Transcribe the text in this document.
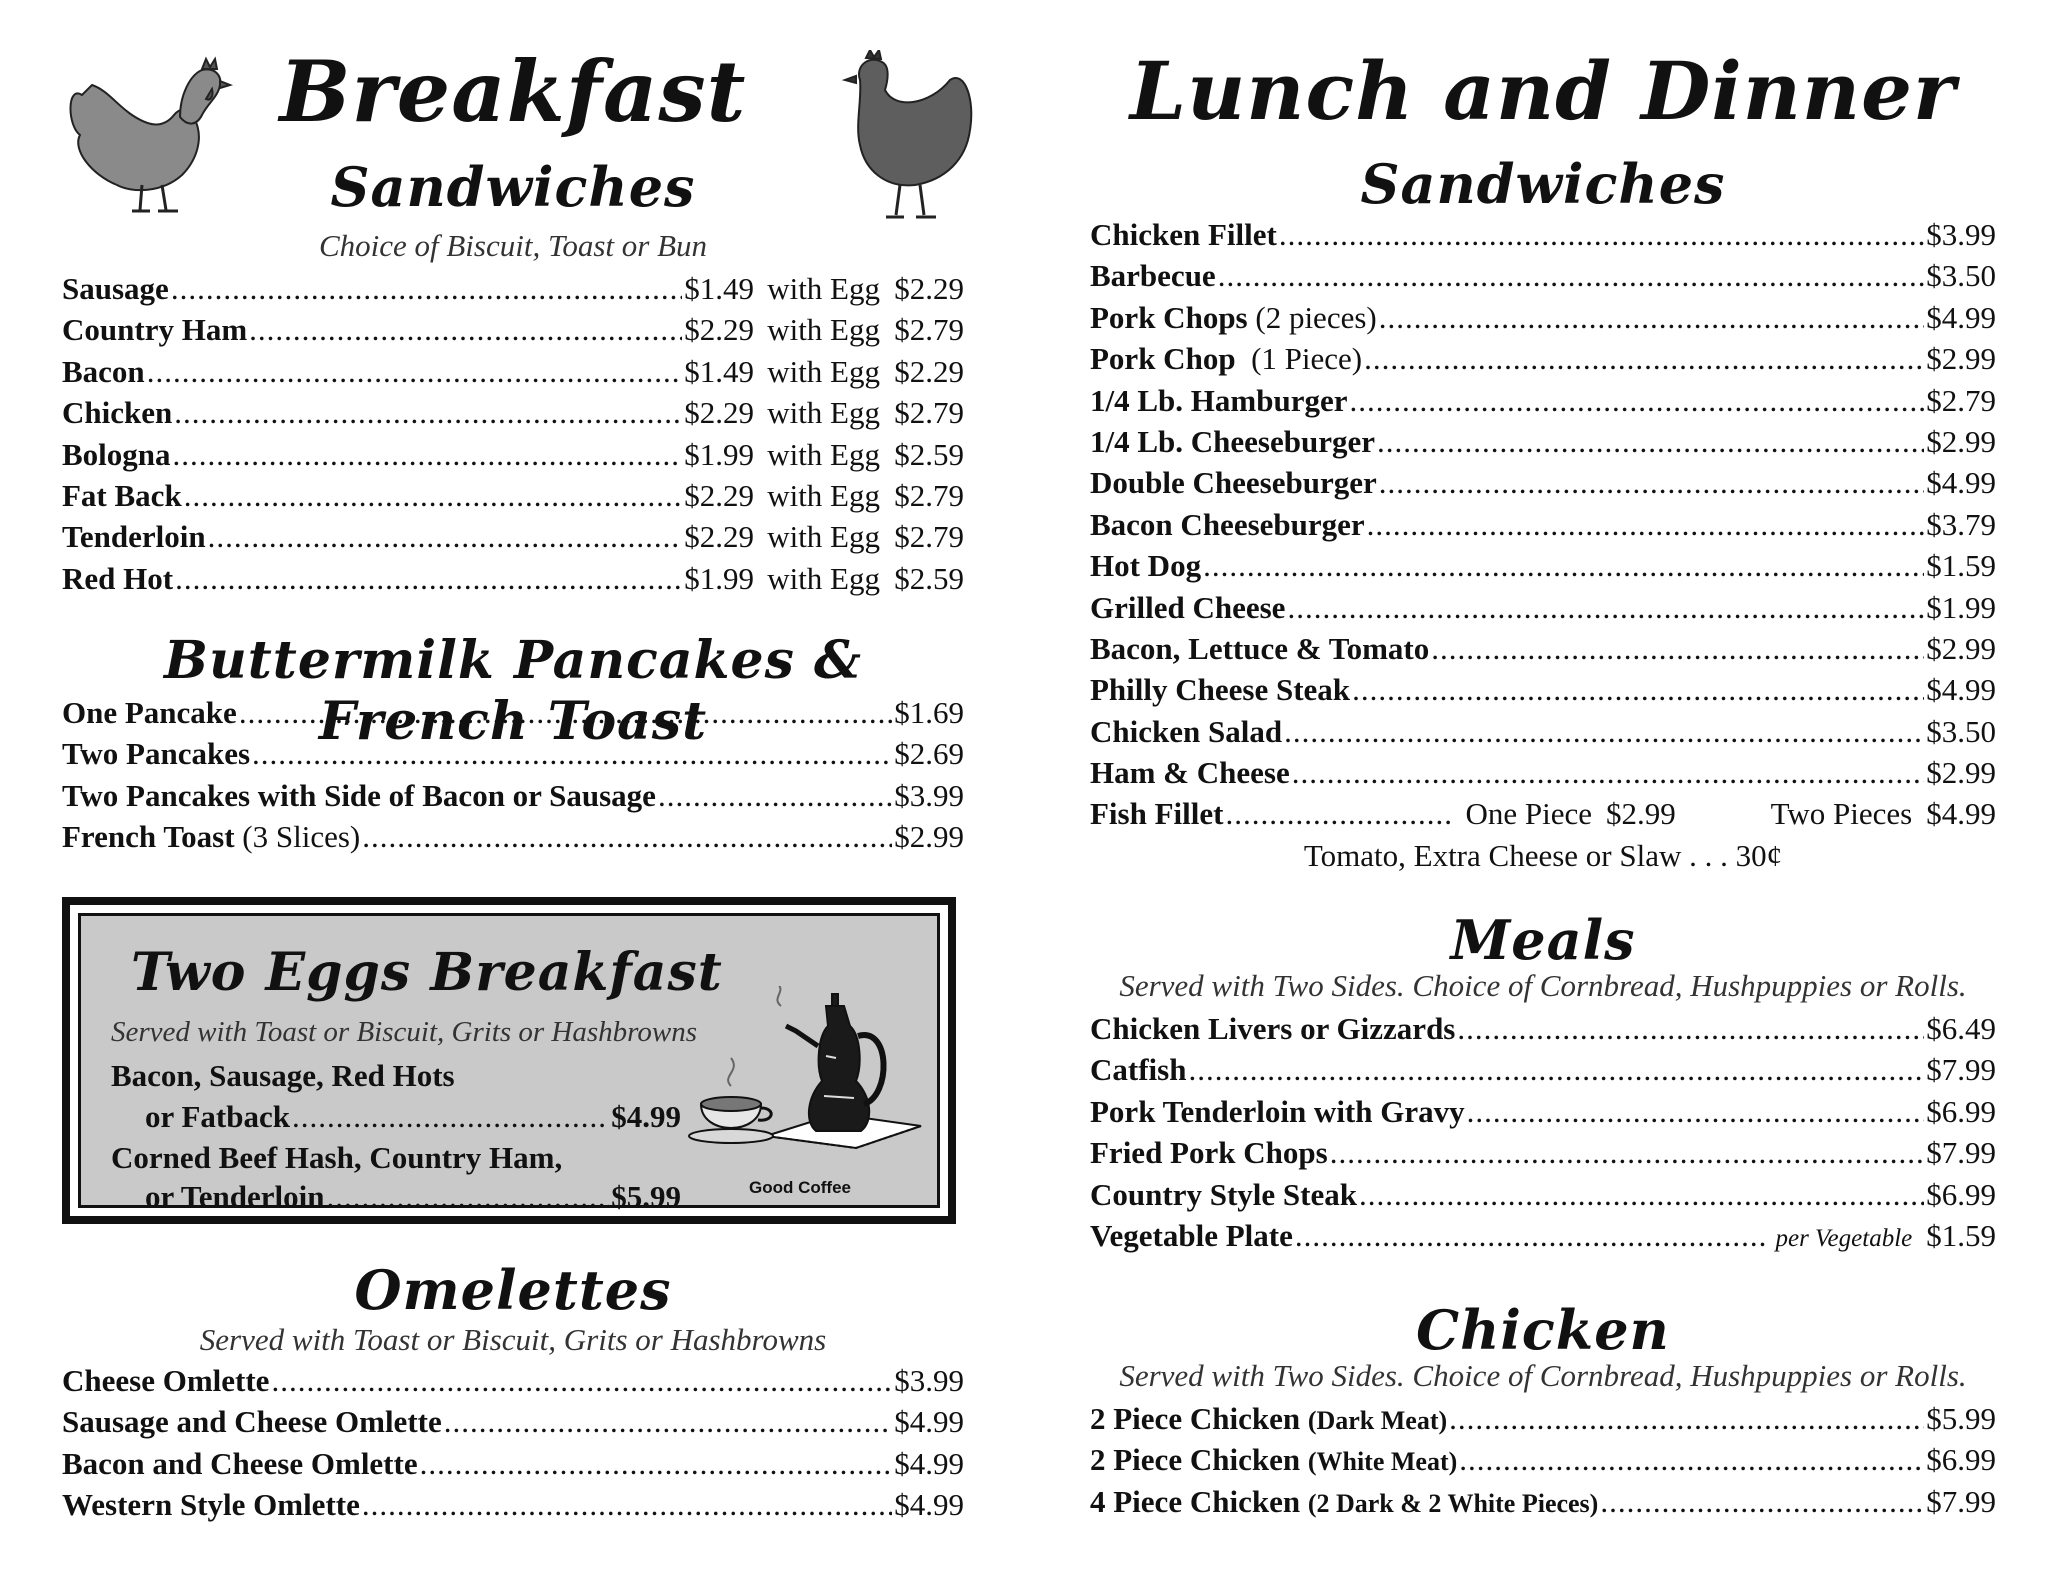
Breakfast
Sandwiches
Choice of Biscuit, Toast or Bun
Sausage .....	$1.49 with Egg $2.29
Country Ham .....	$2.29 with Egg $2.79
Bacon .....	$1.49 with Egg $2.29
Chicken .....	$2.29 with Egg $2.79
Bologna .....	$1.99 with Egg $2.59
Fat Back .....	$2.29 with Egg $2.79
Tenderloin .....	$2.29 with Egg $2.79
Red Hot .....	$1.99 with Egg $2.59
Buttermilk Pancakes & French Toast
One Pancake .....	$1.69
Two Pancakes .....	$2.69
Two Pancakes with Side of Bacon or Sausage .....	$3.99
French Toast
(3 Slices) .....	$2.99
Two Eggs Breakfast
Served with Toast or Biscuit, Grits or Hashbrowns
Bacon, Sausage, Red Hots
or Fatback .....	$4.99
Corned Beef Hash, Country Ham,
or Tenderloin .....	$5.99	Good Coffee
Omelettes
Served with Toast or Biscuit, Grits or Hashbrowns
Cheese Omlette .....	$3.99
Sausage and Cheese Omlette .....	$4.99
Bacon and Cheese Omlette .....	$4.99
Western Style Omlette .....	$4.99
Lunch and Dinner
Sandwiches
Chicken Fillet .....	$3.99
Barbecue .....	$3.50
Pork Chops
(2 pieces) .....	$4.99
Pork Chop
(1 Piece) .....	$2.99
1/4 Lb. Hamburger .....	$2.79
1/4 Lb. Cheeseburger .....	$2.99
Double Cheeseburger .....	$4.99
Bacon Cheeseburger .....	$3.79
Hot Dog .....	$1.59
Grilled Cheese .....	$1.99
Bacon, Lettuce & Tomato .....	$2.99
Philly Cheese Steak .....	$4.99
Chicken Salad .....	$3.50
Ham & Cheese .....	$2.99
Fish Fillet .....	One Piece $2.99	Two Pieces $4.99
Tomato, Extra Cheese or Slaw . . . 30¢
Meals
Served with Two Sides. Choice of Cornbread, Hushpuppies or Rolls.
Chicken Livers or Gizzards .....	$6.49
Catfish .....	$7.99
Pork Tenderloin with Gravy .....	$6.99
Fried Pork Chops .....	$7.99
Country Style Steak .....	$6.99
Vegetable Plate .....	per Vegetable $1.59
Chicken
Served with Two Sides. Choice of Cornbread, Hushpuppies or Rolls.
2 Piece Chicken
(Dark Meat) .....	$5.99
2 Piece Chicken
(White Meat) .....	$6.99
4 Piece Chicken
(2 Dark & 2 White Pieces) .....	$7.99
